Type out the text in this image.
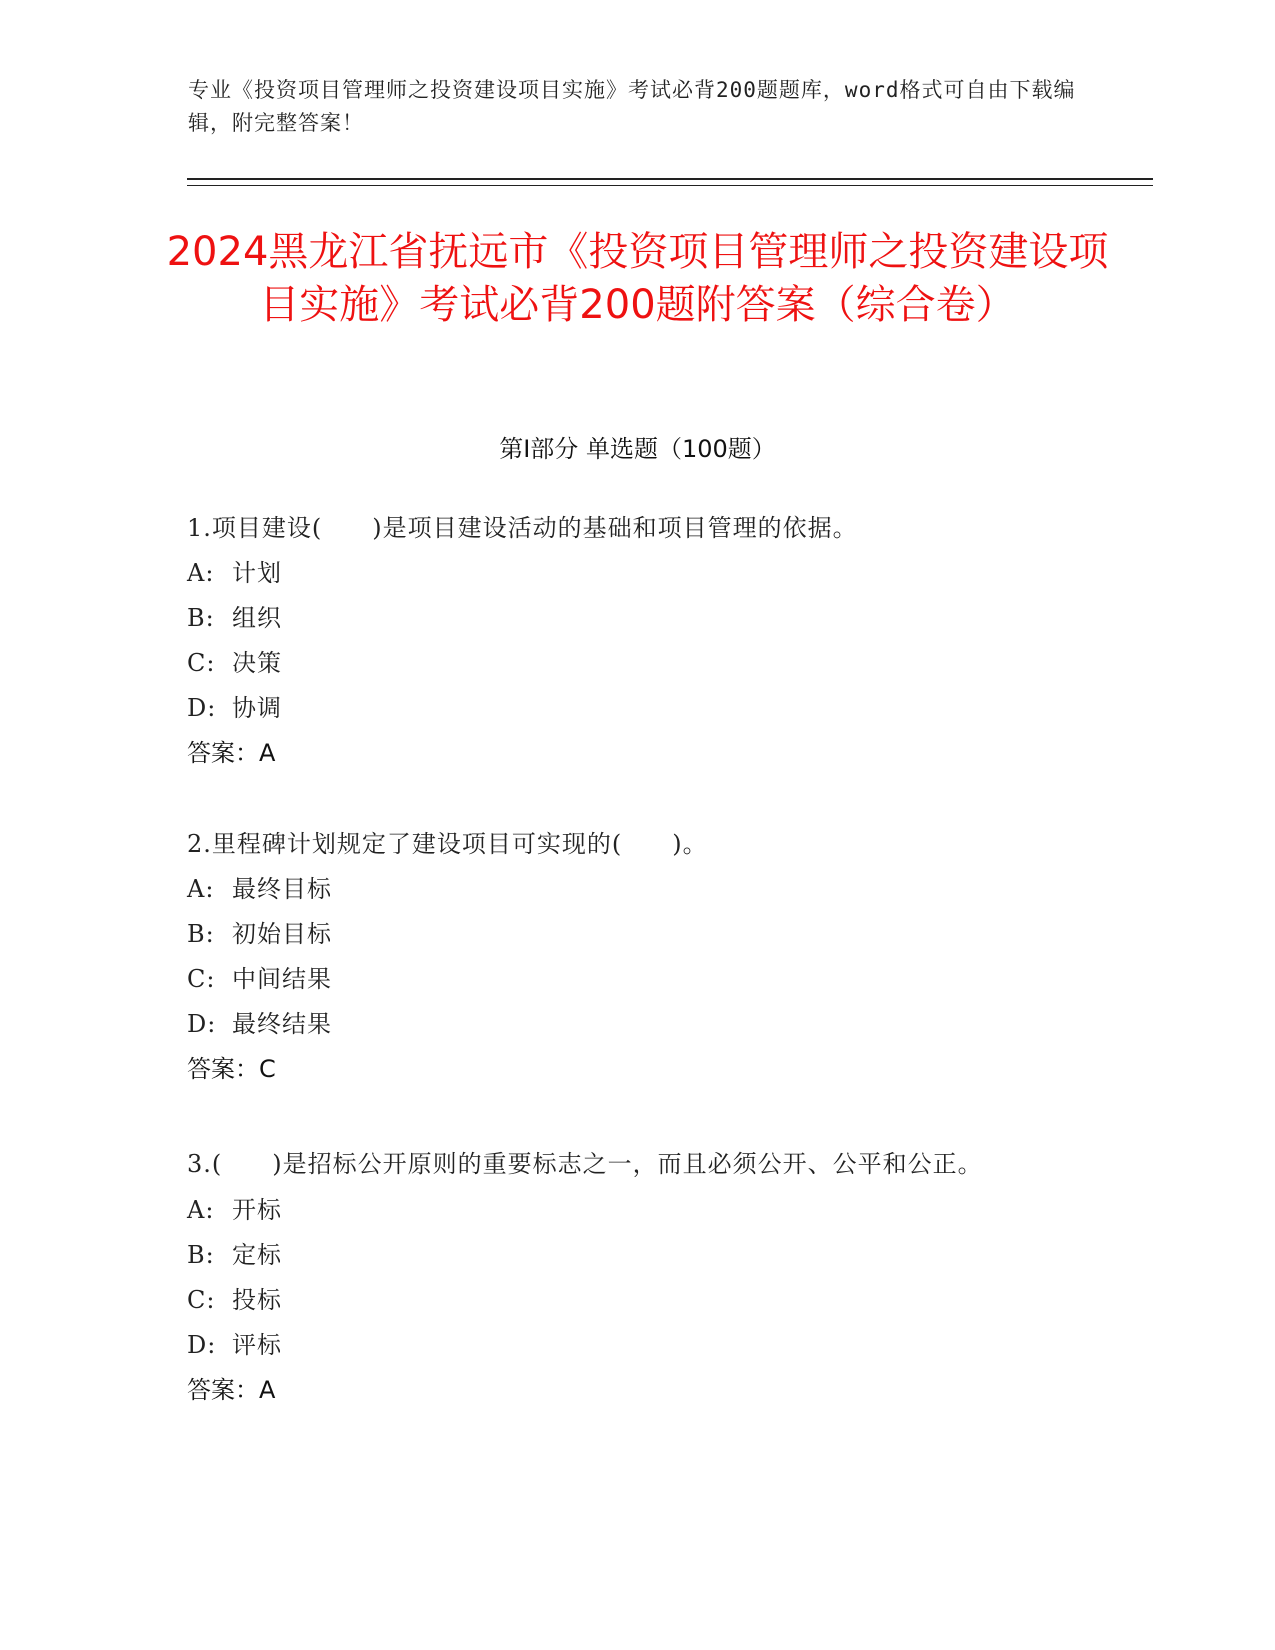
专业《投资项目管理师之投资建设项目实施》考试必背200题题库，word格式可自由下载编辑，附完整答案！
2024黑龙江省抚远市《投资项目管理师之投资建设项目实施》考试必背200题附答案（综合卷）
第I部分 单选题（100题）
1.项目建设(　　)是项目建设活动的基础和项目管理的依据。
A: 计划
B: 组织
C: 决策
D: 协调
答案：A
2.里程碑计划规定了建设项目可实现的(　　)。
A: 最终目标
B: 初始目标
C: 中间结果
D: 最终结果
答案：C
3.(　　)是招标公开原则的重要标志之一，而且必须公开、公平和公正。
A: 开标
B: 定标
C: 投标
D: 评标
答案：A
